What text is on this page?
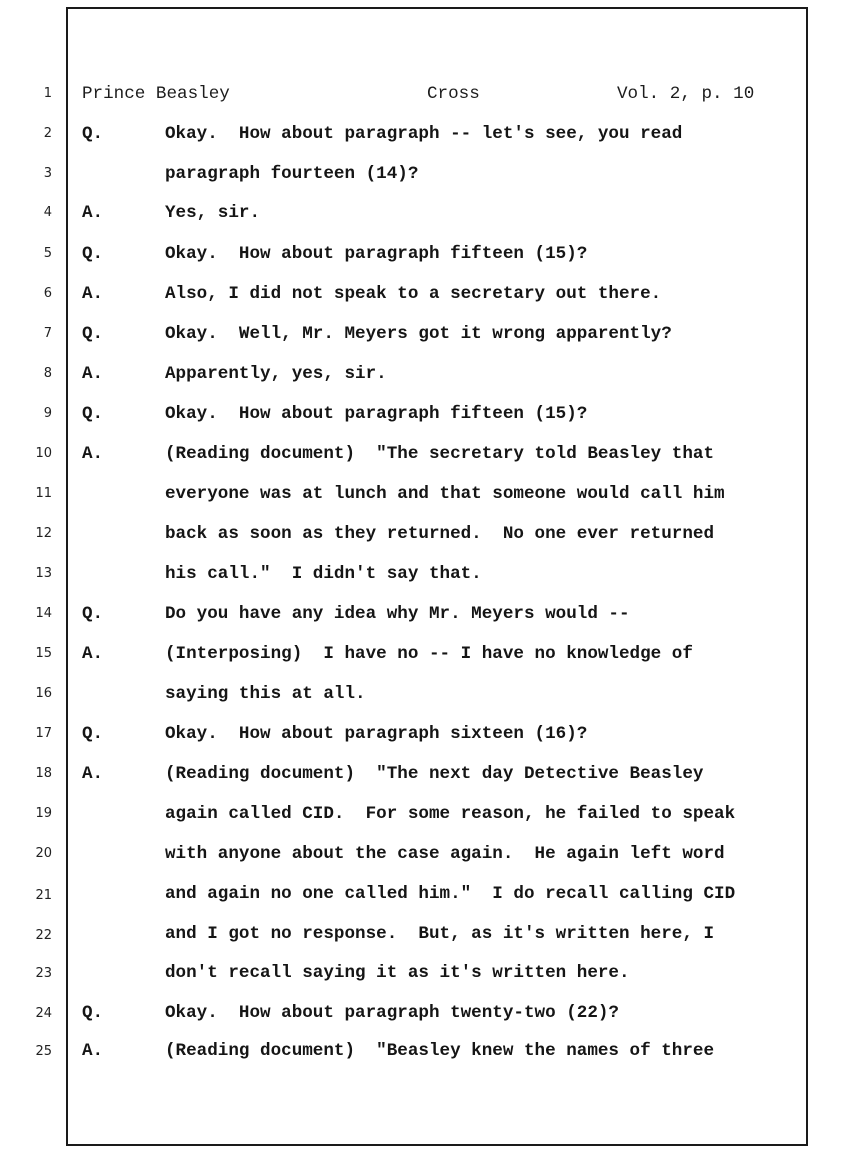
1
2
3
4
5
6
7
8
9
10
11
12
13
14
15
16
17
18
19
20
21
22
23
24
25

Prince Beasley

	Cross

	Vol. 2, p. 10

Q.

	Okay.  How about paragraph -- let's see, you read

paragraph fourteen (14)?

A.

	Yes, sir.

Q.

	Okay.  How about paragraph fifteen (15)?

A.

	Also, I did not speak to a secretary out there.

Q.

	Okay.  Well, Mr. Meyers got it wrong apparently?

A.

	Apparently, yes, sir.

Q.

	Okay.  How about paragraph fifteen (15)?

A.

	(Reading document)  "The secretary told Beasley that

everyone was at lunch and that someone would call him

back as soon as they returned.  No one ever returned

his call."  I didn't say that.

Q.

	Do you have any idea why Mr. Meyers would --

A.

	(Interposing)  I have no -- I have no knowledge of

saying this at all.

Q.

	Okay.  How about paragraph sixteen (16)?

A.

	(Reading document)  "The next day Detective Beasley

again called CID.  For some reason, he failed to speak

with anyone about the case again.  He again left word

and again no one called him."  I do recall calling CID

and I got no response.  But, as it's written here, I

don't recall saying it as it's written here.

Q.

	Okay.  How about paragraph twenty-two (22)?

A.

	(Reading document)  "Beasley knew the names of three
